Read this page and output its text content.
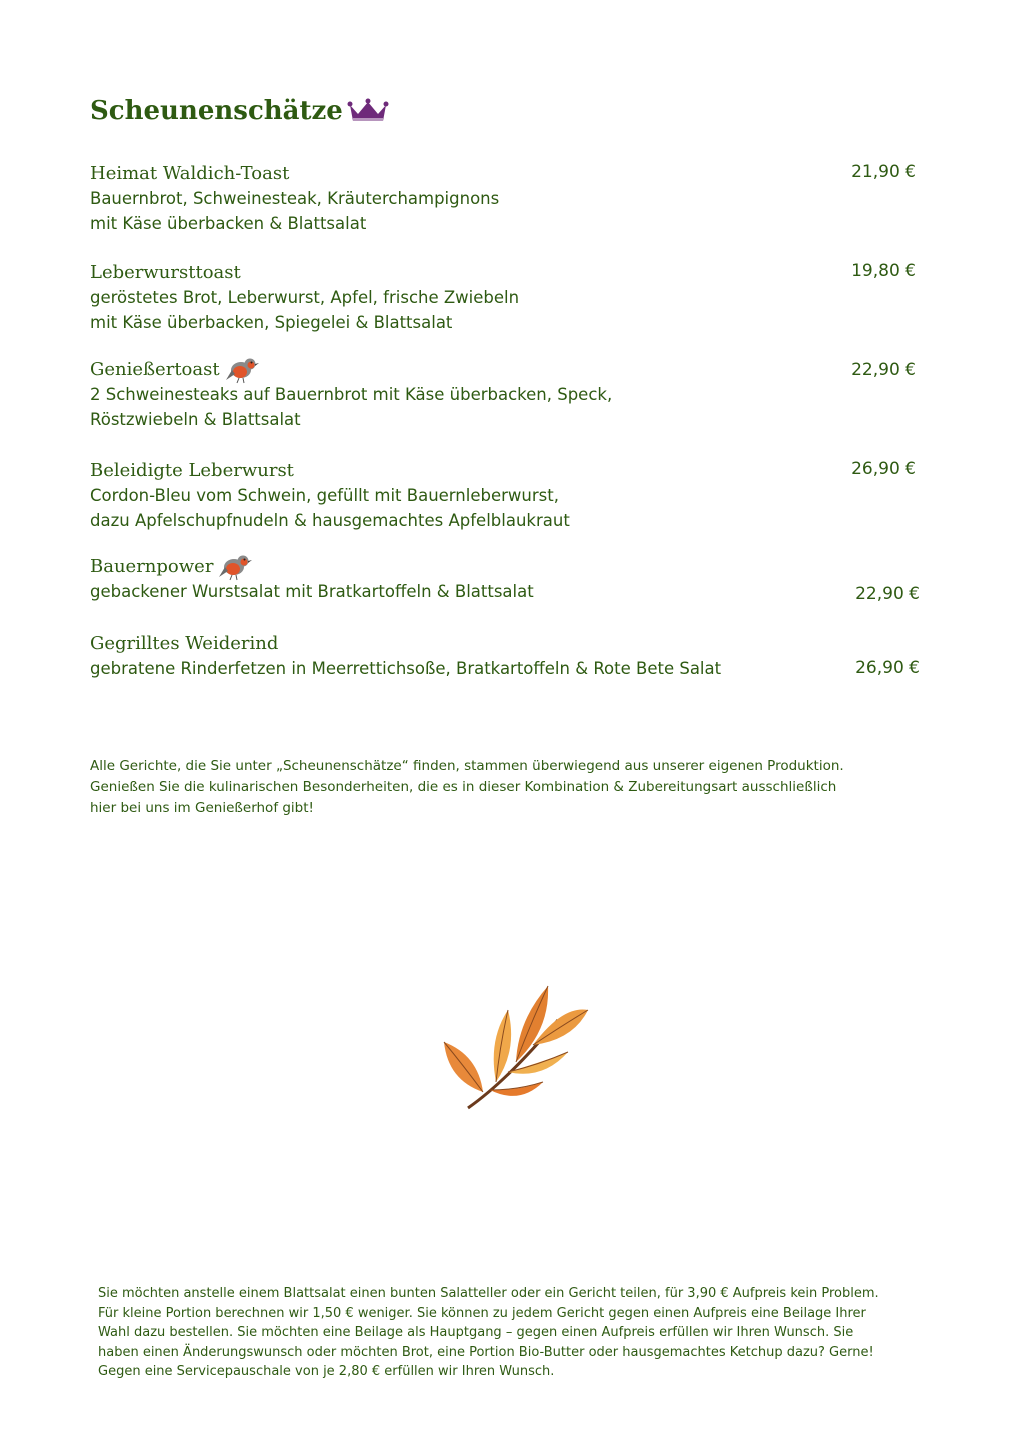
Scheunenschätze
Heimat Waldich-Toast
Bauernbrot, Schweinesteak, Kräuterchampignons
mit Käse überbacken & Blattsalat
21,90 €
Leberwursttoast
geröstetes Brot, Leberwurst, Apfel, frische Zwiebeln
mit Käse überbacken, Spiegelei & Blattsalat
19,80 €
Genießertoast
2 Schweinesteaks auf Bauernbrot mit Käse überbacken, Speck,
Röstzwiebeln & Blattsalat
22,90 €
Beleidigte Leberwurst
Cordon-Bleu vom Schwein, gefüllt mit Bauernleberwurst,
dazu Apfelschupfnudeln & hausgemachtes Apfelblaukraut
26,90 €
Bauernpower
gebackener Wurstsalat mit Bratkartoffeln & Blattsalat	22,90 €
Gegrilltes Weiderind
gebratene Rinderfetzen in Meerrettichsoße, Bratkartoffeln & Rote Bete Salat	26,90 €
Alle Gerichte, die Sie unter „Scheunenschätze“ finden, stammen überwiegend aus unserer eigenen Produktion.
Genießen Sie die kulinarischen Besonderheiten, die es in dieser Kombination & Zubereitungsart ausschließlich
hier bei uns im Genießerhof gibt!
Sie möchten anstelle einem Blattsalat einen bunten Salatteller oder ein Gericht teilen, für 3,90 € Aufpreis kein Problem.
Für kleine Portion berechnen wir 1,50 € weniger. Sie können zu jedem Gericht gegen einen Aufpreis eine Beilage Ihrer
Wahl dazu bestellen. Sie möchten eine Beilage als Hauptgang – gegen einen Aufpreis erfüllen wir Ihren Wunsch. Sie
haben einen Änderungswunsch oder möchten Brot, eine Portion Bio-Butter oder hausgemachtes Ketchup dazu? Gerne!
Gegen eine Servicepauschale von je 2,80 € erfüllen wir Ihren Wunsch.
